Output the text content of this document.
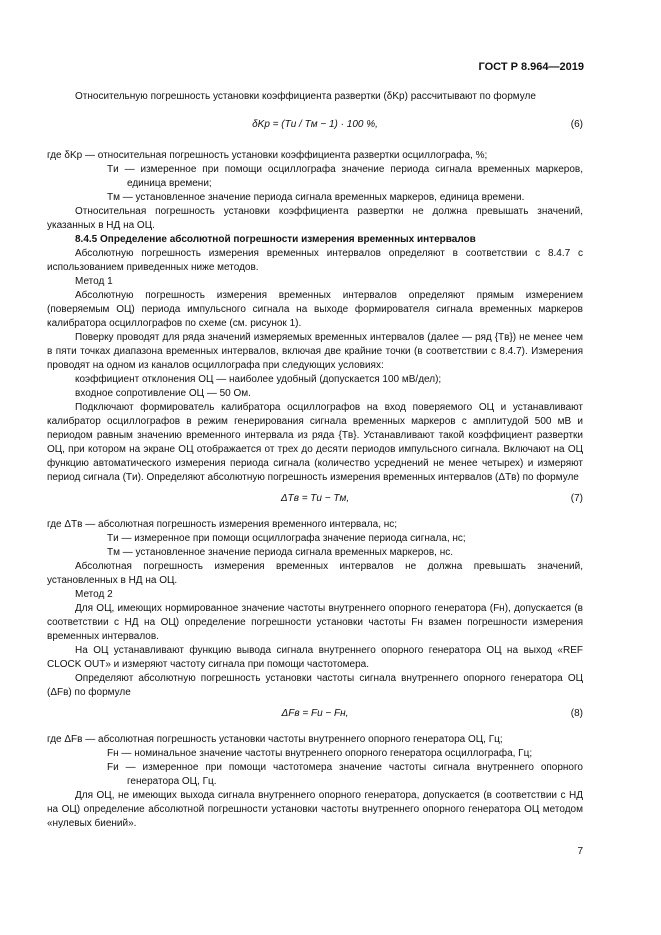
ГОСТ Р 8.964—2019

Относительную погрешность установки коэффициента развертки (δKр) рассчитывают по формуле

δKр = (Tи / Tм − 1) · 100 %,	(6)

где δKр — относительная погрешность установки коэффициента развертки осциллографа, %;

Tи — измеренное при помощи осциллографа значение периода сигнала временных маркеров, единица времени;

Tм — установленное значение периода сигнала временных маркеров, единица времени.

Относительная погрешность установки коэффициента развертки не должна превышать значений, указанных в НД на ОЦ.

8.4.5 Определение абсолютной погрешности измерения временных интервалов

Абсолютную погрешность измерения временных интервалов определяют в соответствии с 8.4.7 с использованием приведенных ниже методов.

Метод 1

Абсолютную погрешность измерения временных интервалов определяют прямым измерением (поверяемым ОЦ) периода импульсного сигнала на выходе формирователя сигнала временных маркеров калибратора осциллографов по схеме (см. рисунок 1).

Поверку проводят для ряда значений измеряемых временных интервалов (далее — ряд {Tв}) не менее чем в пяти точках диапазона временных интервалов, включая две крайние точки (в соответствии с 8.4.7). Измерения проводят на одном из каналов осциллографа при следующих условиях:

коэффициент отклонения ОЦ — наиболее удобный (допускается 100 мВ/дел);

входное сопротивление ОЦ — 50 Ом.

Подключают формирователь калибратора осциллографов на вход поверяемого ОЦ и устанавливают калибратор осциллографов в режим генерирования сигнала временных маркеров с амплитудой 500 мВ и периодом равным значению временного интервала из ряда {Tв}. Устанавливают такой коэффициент развертки ОЦ, при котором на экране ОЦ отображается от трех до десяти периодов импульсного сигнала. Включают на ОЦ функцию автоматического измерения периода сигнала (количество усреднений не менее четырех) и измеряют период сигнала (Tи). Определяют абсолютную погрешность измерения временных интервалов (ΔTв) по формуле

ΔTв = Tи − Tм,	(7)

где ΔTв — абсолютная погрешность измерения временного интервала, нс;

Tи — измеренное при помощи осциллографа значение периода сигнала, нс;

Tм — установленное значение периода сигнала временных маркеров, нс.

Абсолютная погрешность измерения временных интервалов не должна превышать значений, установленных в НД на ОЦ.

Метод 2

Для ОЦ, имеющих нормированное значение частоты внутреннего опорного генератора (Fн), допускается (в соответствии с НД на ОЦ) определение погрешности установки частоты Fн взамен погрешности измерения временных интервалов.

На ОЦ устанавливают функцию вывода сигнала внутреннего опорного генератора ОЦ на выход «REF CLOCK OUT» и измеряют частоту сигнала при помощи частотомера.

Определяют абсолютную погрешность установки частоты сигнала внутреннего опорного генератора ОЦ (ΔFв) по формуле

ΔFв = Fи − Fн,	(8)

где ΔFв — абсолютная погрешность установки частоты внутреннего опорного генератора ОЦ, Гц;

Fн — номинальное значение частоты внутреннего опорного генератора осциллографа, Гц;

Fи — измеренное при помощи частотомера значение частоты сигнала внутреннего опорного генератора ОЦ, Гц.

Для ОЦ, не имеющих выхода сигнала внутреннего опорного генератора, допускается (в соответствии с НД на ОЦ) определение абсолютной погрешности установки частоты внутреннего опорного генератора ОЦ методом «нулевых биений».

7
